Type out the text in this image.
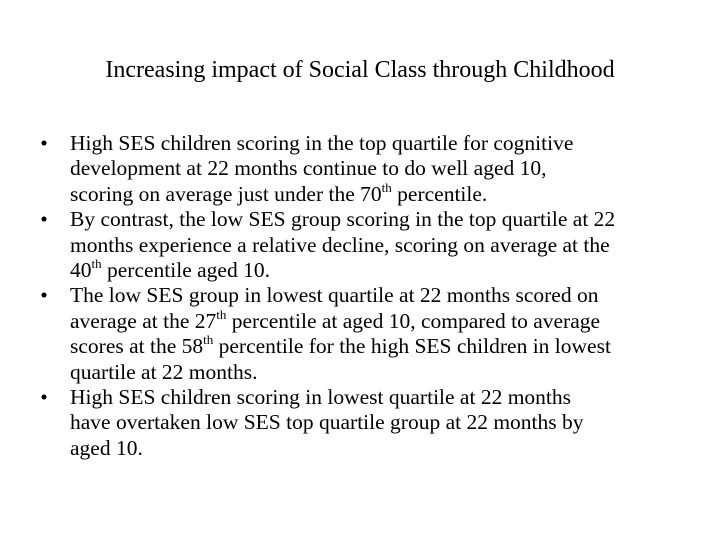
Increasing impact of Social Class through Childhood
• High SES children scoring in the top quartile for cognitive
development at 22 months continue to do well aged 10,
scoring on average just under the 70th percentile.
• By contrast, the low SES group scoring in the top quartile at 22
months experience a relative decline, scoring on average at the
40th percentile aged 10.
• The low SES group in lowest quartile at 22 months scored on
average at the 27th percentile at aged 10, compared to average
scores at the 58th percentile for the high SES children in lowest
quartile at 22 months.
• High SES children scoring in lowest quartile at 22 months
have overtaken low SES top quartile group at 22 months by
aged 10.
